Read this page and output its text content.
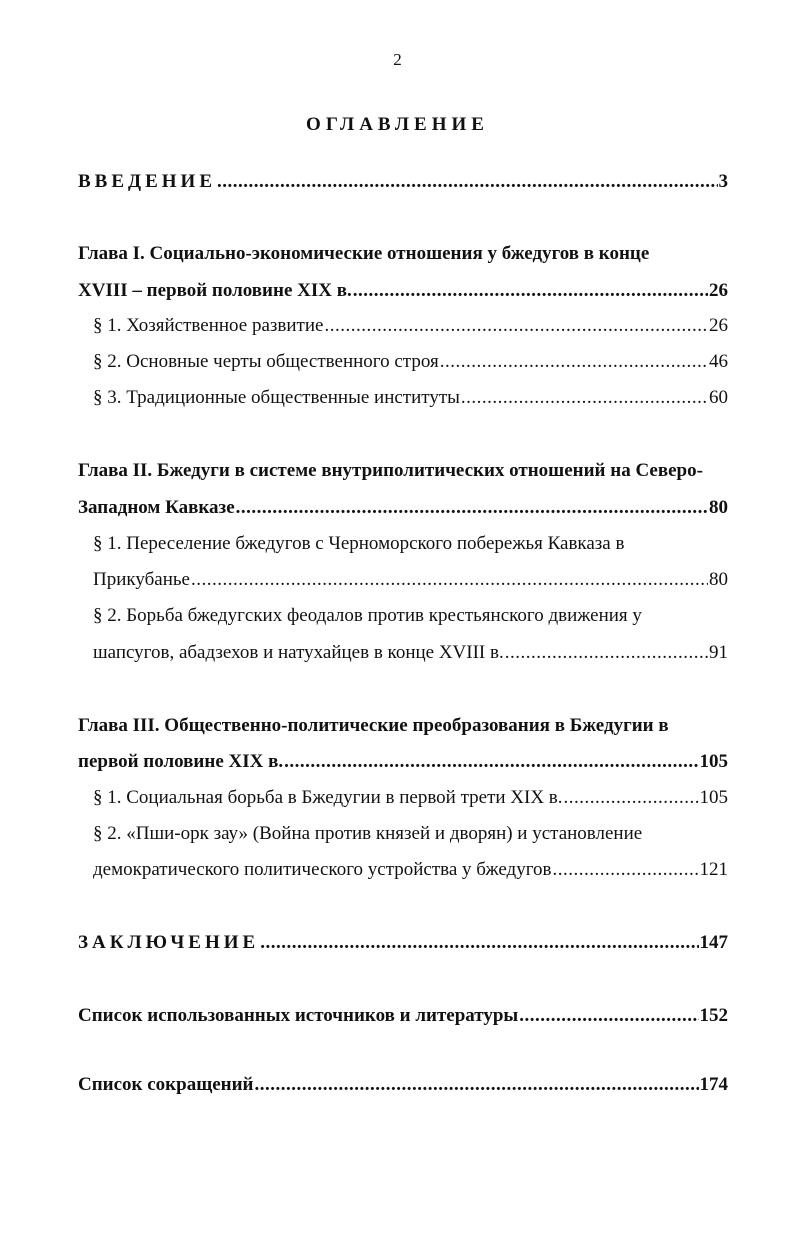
2
ОГЛАВЛЕНИЕ
ВВЕДЕНИЕ .....	3
Глава I. Социально-экономические отношения у бжедугов в конце
XVIII – первой половине XIX в. .....	26
§ 1. Хозяйственное развитие .....	26
§ 2. Основные черты общественного строя .....	46
§ 3. Традиционные общественные институты .....	60
Глава II. Бжедуги в системе внутриполитических отношений на Северо-
Западном Кавказе .....	80
§ 1. Переселение бжедугов с Черноморского побережья Кавказа в
Прикубанье .....	80
§ 2. Борьба бжедугских феодалов против крестьянского движения у
шапсугов, абадзехов и натухайцев в конце XVIII в. .....	91
Глава III. Общественно-политические преобразования в Бжедугии в
первой половине XIX в. .....	105
§ 1. Социальная борьба в Бжедугии в первой трети XIX в. .....	105
§ 2. «Пши-орк зау» (Война против князей и дворян) и установление
демократического политического устройства у бжедугов .....	121
ЗАКЛЮЧЕНИЕ .....	147
Список использованных источников и литературы .....	152
Список сокращений .....	174
